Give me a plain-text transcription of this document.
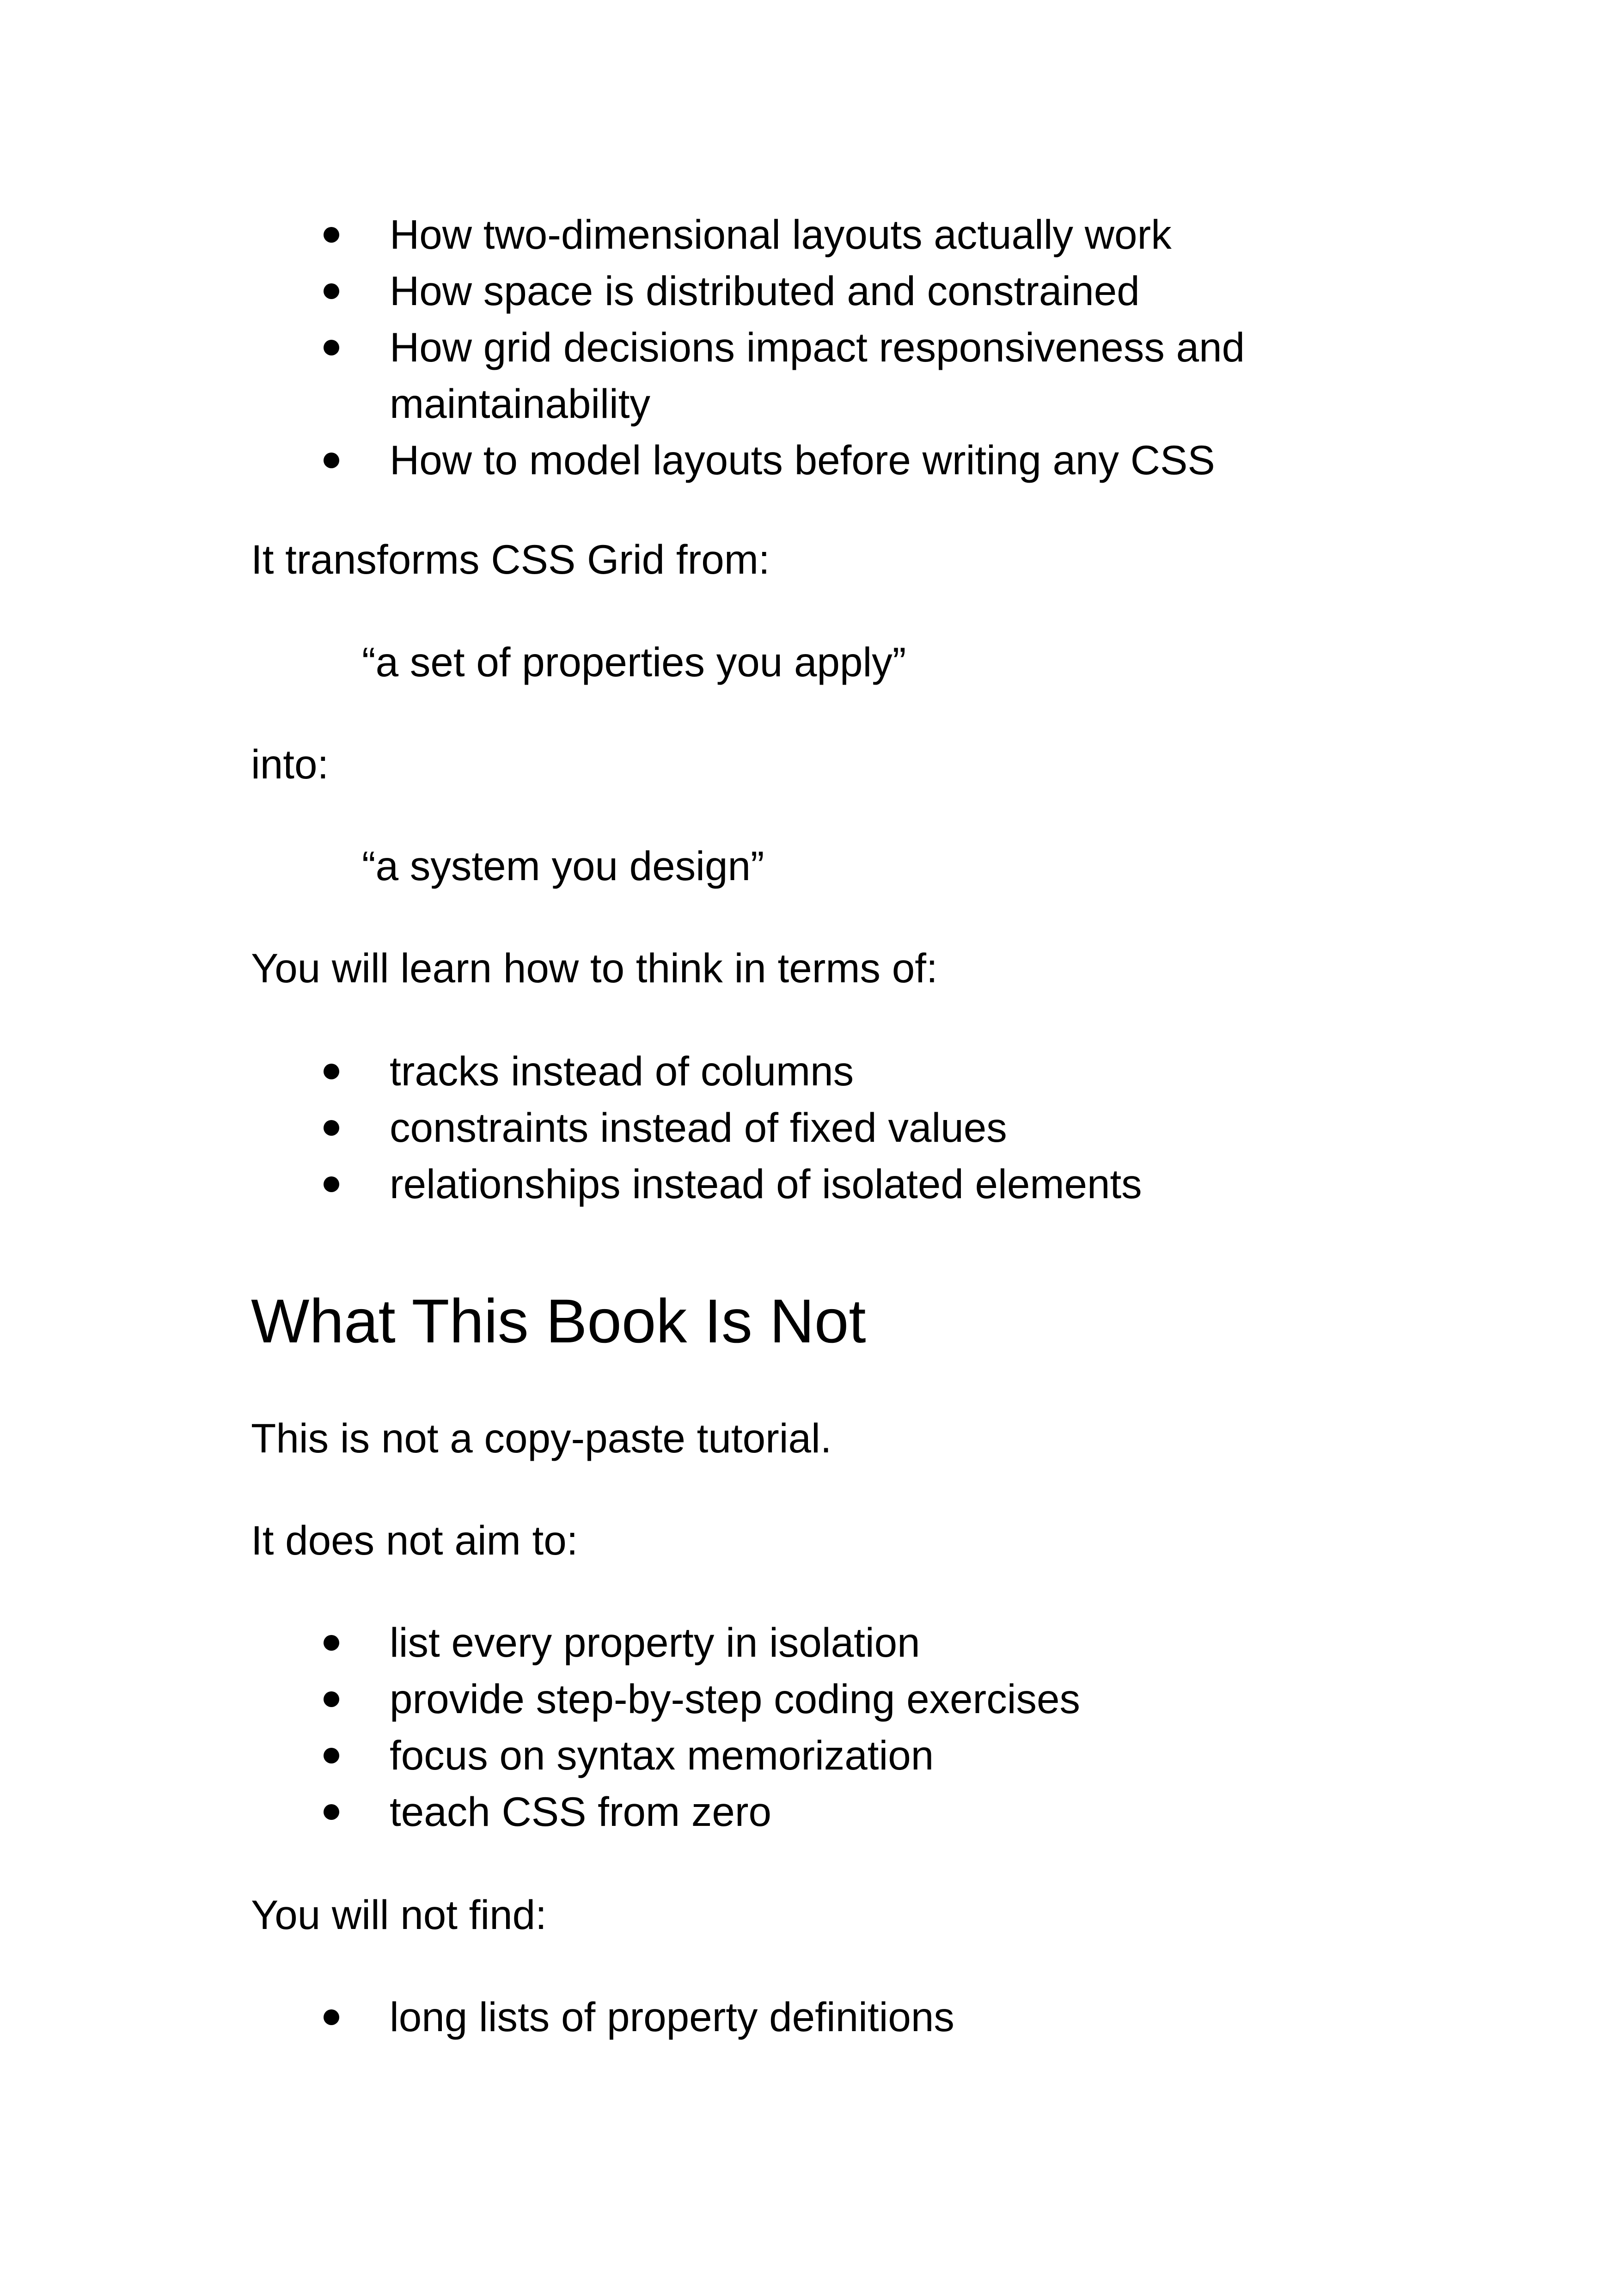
How two-dimensional layouts actually work
How space is distributed and constrained
How grid decisions impact responsiveness and
maintainability
How to model layouts before writing any CSS

It transforms CSS Grid from:

“a set of properties you apply”

into:

“a system you design”

You will learn how to think in terms of:

tracks instead of columns
constraints instead of fixed values
relationships instead of isolated elements
What This Book Is Not

This is not a copy-paste tutorial.

It does not aim to:

list every property in isolation
provide step-by-step coding exercises
focus on syntax memorization
teach CSS from zero

You will not find:

long lists of property definitions
